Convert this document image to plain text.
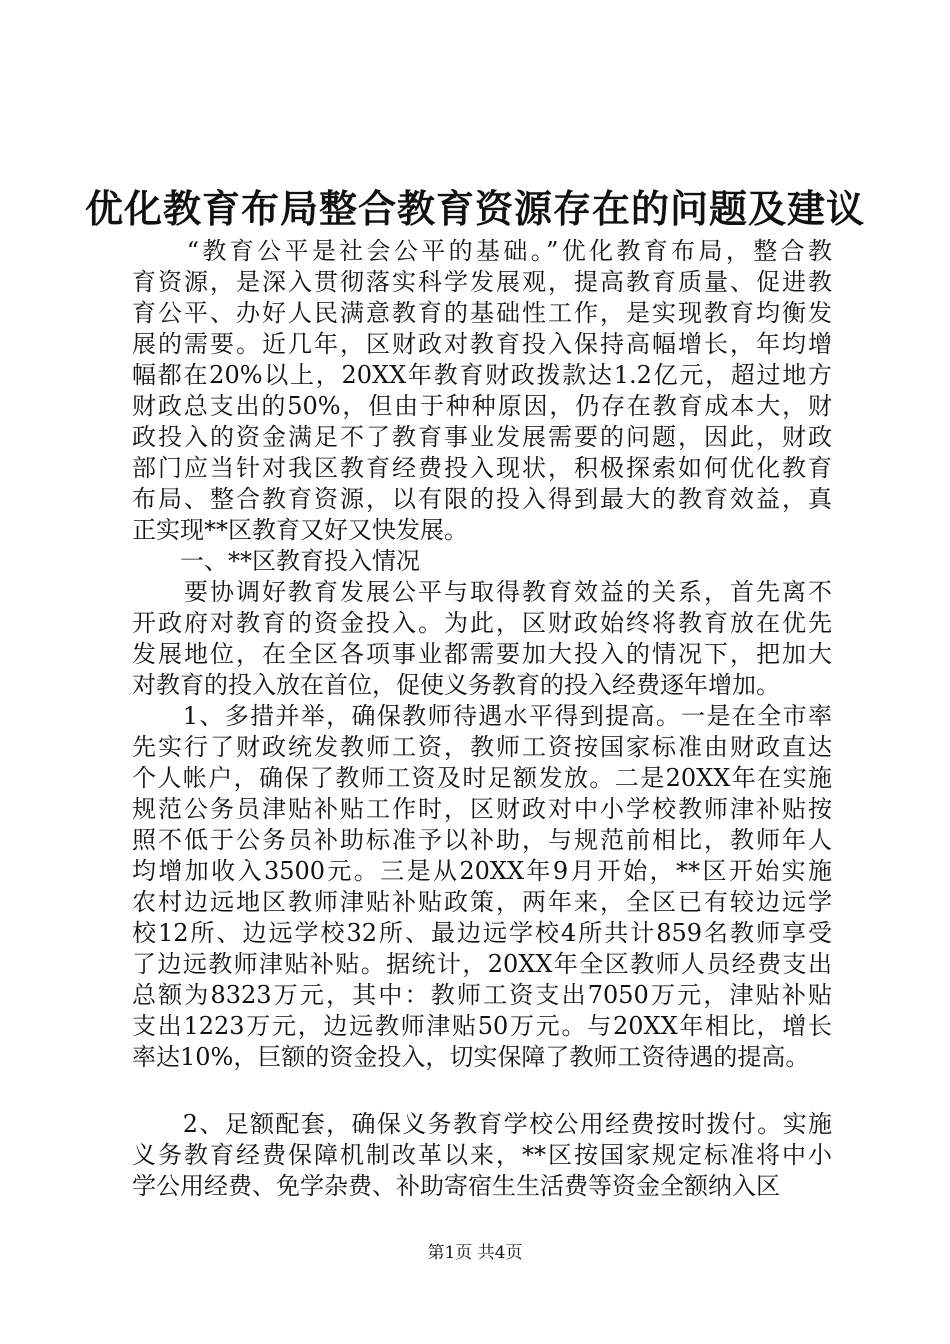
优化教育布局整合教育资源存在的问题及建议
　　“教育公平是社会公平的基础。”优化教育布局，整合教
育资源，是深入贯彻落实科学发展观，提高教育质量、促进教
育公平、办好人民满意教育的基础性工作，是实现教育均衡发
展的需要。近几年，区财政对教育投入保持高幅增长，年均增
幅都在20%以上，20XX年教育财政拨款达1.2亿元，超过地方
财政总支出的50%，但由于种种原因，仍存在教育成本大，财
政投入的资金满足不了教育事业发展需要的问题，因此，财政
部门应当针对我区教育经费投入现状，积极探索如何优化教育
布局、整合教育资源，以有限的投入得到最大的教育效益，真
正实现**区教育又好又快发展。
　　一、**区教育投入情况
　　要协调好教育发展公平与取得教育效益的关系，首先离不
开政府对教育的资金投入。为此，区财政始终将教育放在优先
发展地位，在全区各项事业都需要加大投入的情况下，把加大
对教育的投入放在首位，促使义务教育的投入经费逐年增加。
　　1、多措并举，确保教师待遇水平得到提高。一是在全市率
先实行了财政统发教师工资，教师工资按国家标准由财政直达
个人帐户，确保了教师工资及时足额发放。二是20XX年在实施
规范公务员津贴补贴工作时，区财政对中小学校教师津补贴按
照不低于公务员补助标准予以补助，与规范前相比，教师年人
均增加收入3500元。三是从20XX年9月开始，**区开始实施
农村边远地区教师津贴补贴政策，两年来，全区已有较边远学
校12所、边远学校32所、最边远学校4所共计859名教师享受
了边远教师津贴补贴。据统计，20XX年全区教师人员经费支出
总额为8323万元，其中：教师工资支出7050万元，津贴补贴
支出1223万元，边远教师津贴50万元。与20XX年相比，增长
率达10%，巨额的资金投入，切实保障了教师工资待遇的提高。
　　2、足额配套，确保义务教育学校公用经费按时拨付。实施
义务教育经费保障机制改革以来，**区按国家规定标准将中小
学公用经费、免学杂费、补助寄宿生生活费等资金全额纳入区
第1页 共4页
